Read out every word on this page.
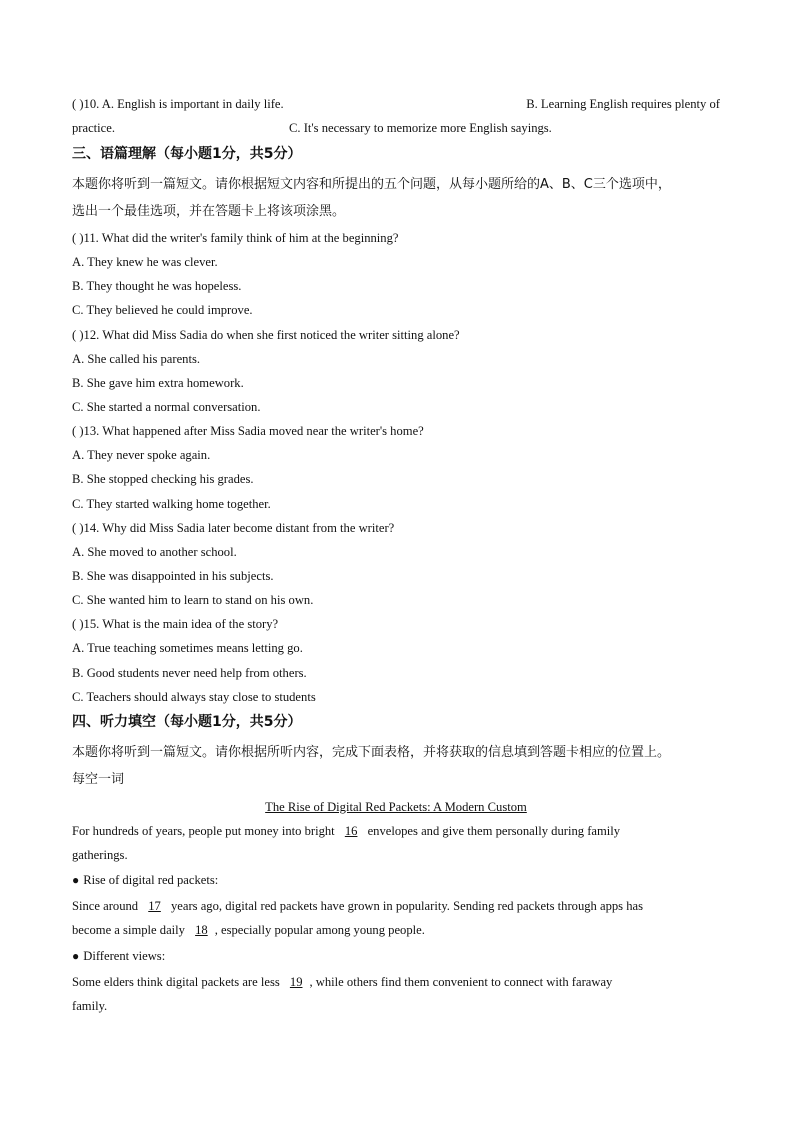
( )10. A. English is important in daily life.	B. Learning English requires plenty of

practice.	C. It's necessary to memorize more English sayings.

三、语篇理解（每小题1分，共5分）

本题你将听到一篇短文。请你根据短文内容和所提出的五个问题，从每小题所给的A、B、C三个选项中，

选出一个最佳选项，并在答题卡上将该项涂黑。

( )11. What did the writer's family think of him at the beginning?

A. They knew he was clever.

B. They thought he was hopeless.

C. They believed he could improve.

( )12. What did Miss Sadia do when she first noticed the writer sitting alone?

A. She called his parents.

B. She gave him extra homework.

C. She started a normal conversation.

( )13. What happened after Miss Sadia moved near the writer's home?

A. They never spoke again.

B. She stopped checking his grades.

C. They started walking home together.

( )14. Why did Miss Sadia later become distant from the writer?

A. She moved to another school.

B. She was disappointed in his subjects.

C. She wanted him to learn to stand on his own.

( )15. What is the main idea of the story?

A. True teaching sometimes means letting go.

B. Good students never need help from others.

C. Teachers should always stay close to students

四、听力填空（每小题1分，共5分）

本题你将听到一篇短文。请你根据所听内容，完成下面表格，并将获取的信息填到答题卡相应的位置上。

每空一词

The Rise of Digital Red Packets: A Modern Custom

For hundreds of years, people put money into bright 16 envelopes and give them personally during family

gatherings.

● Rise of digital red packets:

Since around 17 years ago, digital red packets have grown in popularity. Sending red packets through apps has

become a simple daily 18 , especially popular among young people.

● Different views:

Some elders think digital packets are less 19 , while others find them convenient to connect with faraway

family.
